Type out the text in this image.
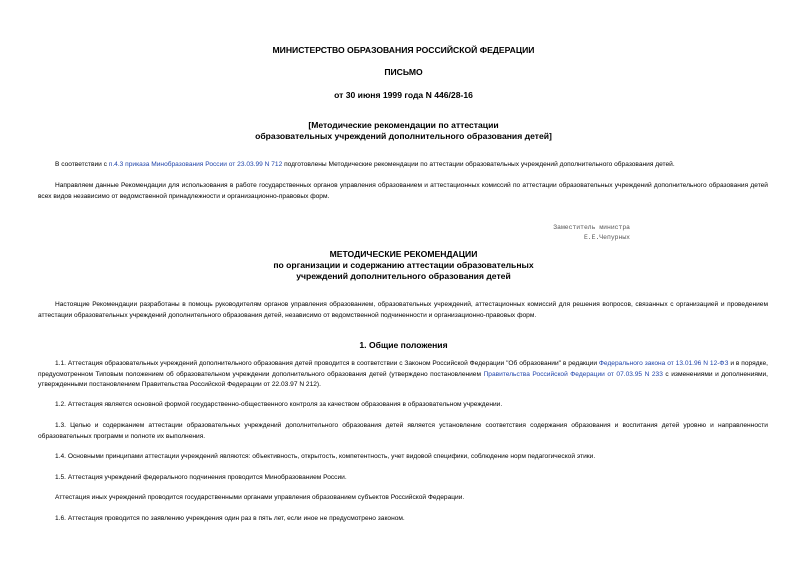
МИНИСТЕРСТВО ОБРАЗОВАНИЯ РОССИЙСКОЙ ФЕДЕРАЦИИ
ПИСЬМО
от 30 июня 1999 года N 446/28-16
[Методические рекомендации по аттестации
образовательных учреждений дополнительного образования детей]
В соответствии с п.4.3 приказа Минобразования России от 23.03.99 N 712 подготовлены Методические рекомендации по аттестации образовательных учреждений дополнительного образования детей.
Направляем данные Рекомендации для использования в работе государственных органов управления образованием и аттестационных комиссий по аттестации образовательных учреждений дополнительного образования детей всех видов независимо от ведомственной принадлежности и организационно-правовых форм.
Заместитель министра
Е.Е.Чепурных
МЕТОДИЧЕСКИЕ РЕКОМЕНДАЦИИ
по организации и содержанию аттестации образовательных
учреждений дополнительного образования детей
Настоящие Рекомендации разработаны в помощь руководителям органов управления образованием, образовательных учреждений, аттестационных комиссий для решения вопросов, связанных с организацией и проведением аттестации образовательных учреждений дополнительного образования детей, независимо от ведомственной подчиненности и организационно-правовых форм.
1. Общие положения
1.1. Аттестация образовательных учреждений дополнительного образования детей проводится в соответствии с Законом Российской Федерации "Об образовании" в редакции Федерального закона от 13.01.96 N 12-ФЗ и в порядке, предусмотренном Типовым положением об образовательном учреждении дополнительного образования детей (утверждено постановлением Правительства Российской Федерации от 07.03.95 N 233 с изменениями и дополнениями, утвержденными постановлением Правительства Российской Федерации от 22.03.97 N 212).
1.2. Аттестация является основной формой государственно-общественного контроля за качеством образования в образовательном учреждении.
1.3. Целью и содержанием аттестации образовательных учреждений дополнительного образования детей является установление соответствия содержания образования и воспитания детей уровню и направленности образовательных программ и полноте их выполнения.
1.4. Основными принципами аттестации учреждений являются: объективность, открытость, компетентность, учет видовой специфики, соблюдение норм педагогической этики.
1.5. Аттестация учреждений федерального подчинения проводится Минобразованием России.
Аттестация иных учреждений проводится государственными органами управления образованием субъектов Российской Федерации.
1.6. Аттестация проводится по заявлению учреждения один раз в пять лет, если иное не предусмотрено законом.
